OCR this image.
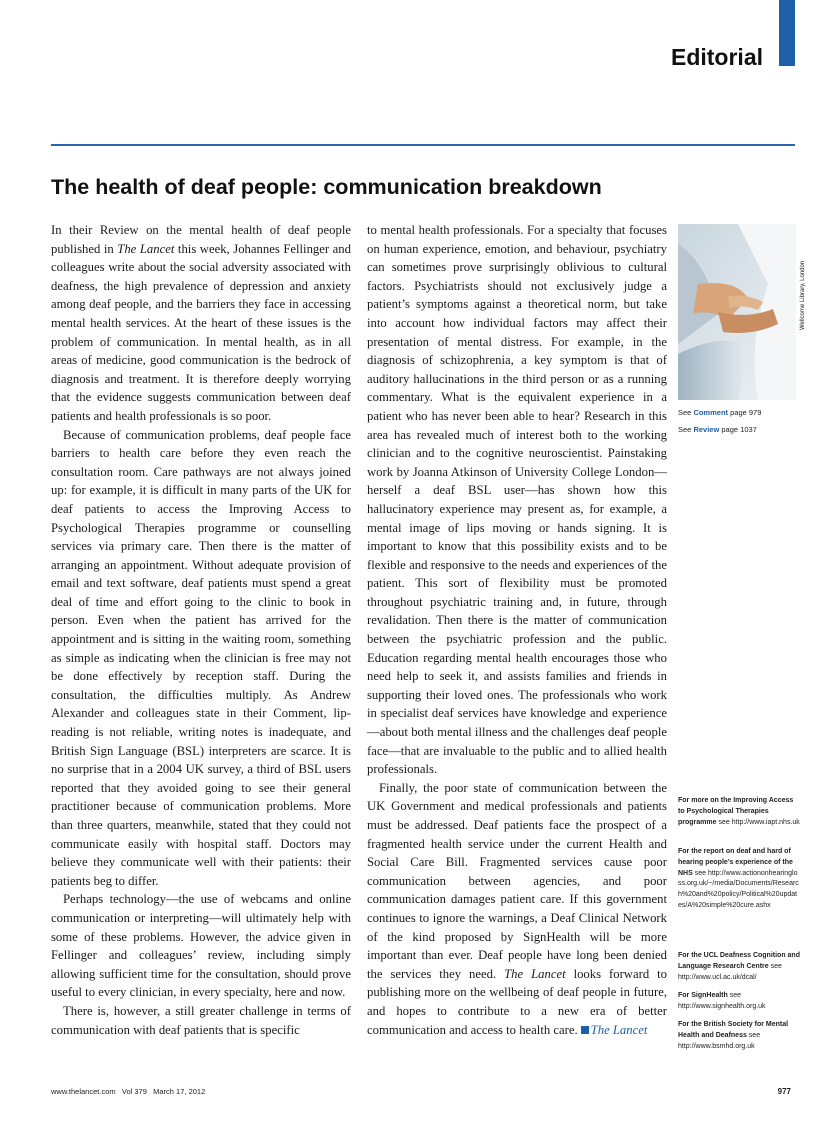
Editorial
The health of deaf people: communication breakdown

In their Review on the mental health of deaf people published in The Lancet this week, Johannes Fellinger and colleagues write about the social adversity associated with deafness, the high prevalence of depression and anxiety among deaf people, and the barriers they face in accessing mental health services. At the heart of these issues is the problem of communication. In mental health, as in all areas of medicine, good communication is the bedrock of diagnosis and treatment. It is therefore deeply worrying that the evidence suggests communication between deaf patients and health professionals is so poor.

Because of communication problems, deaf people face barriers to health care before they even reach the consultation room. Care pathways are not always joined up: for example, it is difficult in many parts of the UK for deaf patients to access the Improving Access to Psychological Therapies programme or counselling services via primary care. Then there is the matter of arranging an appointment. Without adequate provision of email and text software, deaf patients must spend a great deal of time and effort going to the clinic to book in person. Even when the patient has arrived for the appointment and is sitting in the waiting room, something as simple as indicating when the clinician is free may not be done effectively by reception staff. During the consultation, the difficulties multiply. As Andrew Alexander and colleagues state in their Comment, lip-reading is not reliable, writing notes is inadequate, and British Sign Language (BSL) interpreters are scarce. It is no surprise that in a 2004 UK survey, a third of BSL users reported that they avoided going to see their general practitioner because of communication problems. More than three quarters, meanwhile, stated that they could not communicate easily with hospital staff. Doctors may believe they communicate well with their patients: their patients beg to differ.

Perhaps technology—the use of webcams and online communication or interpreting—will ultimately help with some of these problems. However, the advice given in Fellinger and colleagues’ review, including simply allowing sufficient time for the consultation, should prove useful to every clinician, in every specialty, here and now.

There is, however, a still greater challenge in terms of communication with deaf patients that is specific

to mental health professionals. For a specialty that focuses on human experience, emotion, and behaviour, psychiatry can sometimes prove surprisingly oblivious to cultural factors. Psychiatrists should not exclusively judge a patient’s symptoms against a theoretical norm, but take into account how individual factors may affect their presentation of mental distress. For example, in the diagnosis of schizophrenia, a key symptom is that of auditory hallucinations in the third person or as a running commentary. What is the equivalent experience in a patient who has never been able to hear? Research in this area has revealed much of interest both to the working clinician and to the cognitive neuroscientist. Painstaking work by Joanna Atkinson of University College London—herself a deaf BSL user—has shown how this hallucinatory experience may present as, for example, a mental image of lips moving or hands signing. It is important to know that this possibility exists and to be flexible and responsive to the needs and experiences of the patient. This sort of flexibility must be promoted throughout psychiatric training and, in future, through revalidation. Then there is the matter of communication between the psychiatric profession and the public. Education regarding mental health encourages those who need help to seek it, and assists families and friends in supporting their loved ones. The professionals who work in specialist deaf services have knowledge and experience—about both mental illness and the challenges deaf people face—that are invaluable to the public and to allied health professionals.

Finally, the poor state of communication between the UK Government and medical professionals and patients must be addressed. Deaf patients face the prospect of a fragmented health service under the current Health and Social Care Bill. Fragmented services cause poor communication between agencies, and poor communication damages patient care. If this government continues to ignore the warnings, a Deaf Clinical Network of the kind proposed by SignHealth will be more important than ever. Deaf people have long been denied the services they need. The Lancet looks forward to publishing more on the wellbeing of deaf people in future, and hopes to contribute to a new era of better communication and access to health care. The Lancet

Wellcome Library, London
See Comment page 979
See Review page 1037
For more on the Improving Access to Psychological Therapies programme see http://www.iapt.nhs.uk
For the report on deaf and hard of hearing people’s experience of the NHS see http://www.actiononhearingloss.org.uk/~/media/Documents/Research%20and%20policy/Political%20updates/A%20simple%20cure.ashx
For the UCL Deafness Cognition and Language Research Centre see http://www.ucl.ac.uk/dcal/
For SignHealth see http://www.signhealth.org.uk
For the British Society for Mental Health and Deafness see http://www.bsmhd.org.uk
www.thelancet.com   Vol 379   March 17, 2012	977
